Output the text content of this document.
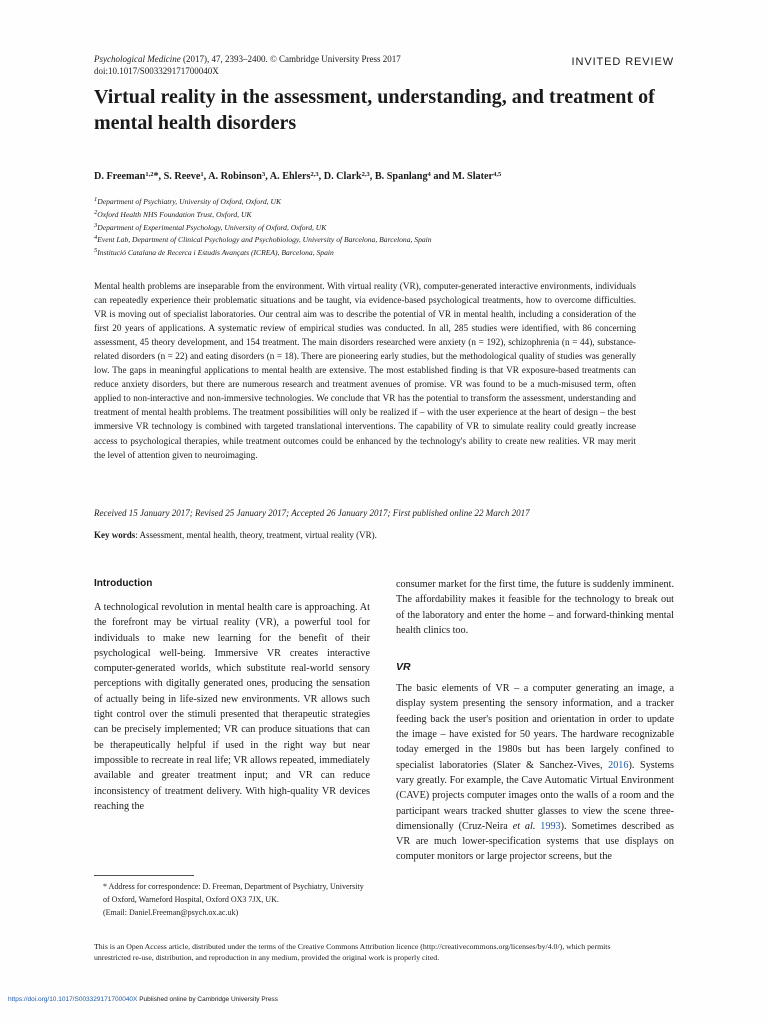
Psychological Medicine (2017), 47, 2393–2400. © Cambridge University Press 2017
doi:10.1017/S003329171700040X
INVITED REVIEW
Virtual reality in the assessment, understanding, and treatment of mental health disorders
D. Freeman$^{1,2}$*, S. Reeve$^1$, A. Robinson$^3$, A. Ehlers$^{2,3}$, D. Clark$^{2,3}$, B. Spanlang$^4$ and M. Slater$^{4,5}$
$^1$Department of Psychiatry, University of Oxford, Oxford, UK
$^2$Oxford Health NHS Foundation Trust, Oxford, UK
$^3$Department of Experimental Psychology, University of Oxford, Oxford, UK
$^4$Event Lab, Department of Clinical Psychology and Psychobiology, University of Barcelona, Barcelona, Spain
$^5$Institució Catalana de Recerca i Estudis Avançats (ICREA), Barcelona, Spain
Mental health problems are inseparable from the environment. With virtual reality (VR), computer-generated interactive environments, individuals can repeatedly experience their problematic situations and be taught, via evidence-based psychological treatments, how to overcome difficulties. VR is moving out of specialist laboratories. Our central aim was to describe the potential of VR in mental health, including a consideration of the first 20 years of applications. A systematic review of empirical studies was conducted. In all, 285 studies were identified, with 86 concerning assessment, 45 theory development, and 154 treatment. The main disorders researched were anxiety (n = 192), schizophrenia (n = 44), substance-related disorders (n = 22) and eating disorders (n = 18). There are pioneering early studies, but the methodological quality of studies was generally low. The gaps in meaningful applications to mental health are extensive. The most established finding is that VR exposure-based treatments can reduce anxiety disorders, but there are numerous research and treatment avenues of promise. VR was found to be a much-misused term, often applied to non-interactive and non-immersive technologies. We conclude that VR has the potential to transform the assessment, understanding and treatment of mental health problems. The treatment possibilities will only be realized if – with the user experience at the heart of design – the best immersive VR technology is combined with targeted translational interventions. The capability of VR to simulate reality could greatly increase access to psychological therapies, while treatment outcomes could be enhanced by the technology's ability to create new realities. VR may merit the level of attention given to neuroimaging.
Received 15 January 2017; Revised 25 January 2017; Accepted 26 January 2017; First published online 22 March 2017
Key words: Assessment, mental health, theory, treatment, virtual reality (VR).
Introduction

A technological revolution in mental health care is approaching. At the forefront may be virtual reality (VR), a powerful tool for individuals to make new learning for the benefit of their psychological well-being. Immersive VR creates interactive computer-generated worlds, which substitute real-world sensory perceptions with digitally generated ones, producing the sensation of actually being in life-sized new environments. VR allows such tight control over the stimuli presented that therapeutic strategies can be precisely implemented; VR can produce situations that can be therapeutically helpful if used in the right way but near impossible to recreate in real life; VR allows repeated, immediately available and greater treatment input; and VR can reduce inconsistency of treatment delivery. With high-quality VR devices reaching the

consumer market for the first time, the future is suddenly imminent. The affordability makes it feasible for the technology to break out of the laboratory and enter the home – and forward-thinking mental health clinics too.

VR

The basic elements of VR – a computer generating an image, a display system presenting the sensory information, and a tracker feeding back the user's position and orientation in order to update the image – have existed for 50 years. The hardware recognizable today emerged in the 1980s but has been largely confined to specialist laboratories (Slater & Sanchez-Vives, 2016). Systems vary greatly. For example, the Cave Automatic Virtual Environment (CAVE) projects computer images onto the walls of a room and the participant wears tracked shutter glasses to view the scene three-dimensionally (Cruz-Neira et al. 1993). Sometimes described as VR are much lower-specification systems that use displays on computer monitors or large projector screens, but the

* Address for correspondence: D. Freeman, Department of Psychiatry, University of Oxford, Warneford Hospital, Oxford OX3 7JX, UK.
(Email: Daniel.Freeman@psych.ox.ac.uk)
This is an Open Access article, distributed under the terms of the Creative Commons Attribution licence (http://creativecommons.org/licenses/by/4.0/), which permits unrestricted re-use, distribution, and reproduction in any medium, provided the original work is properly cited.
https://doi.org/10.1017/S003329171700040X Published online by Cambridge University Press
